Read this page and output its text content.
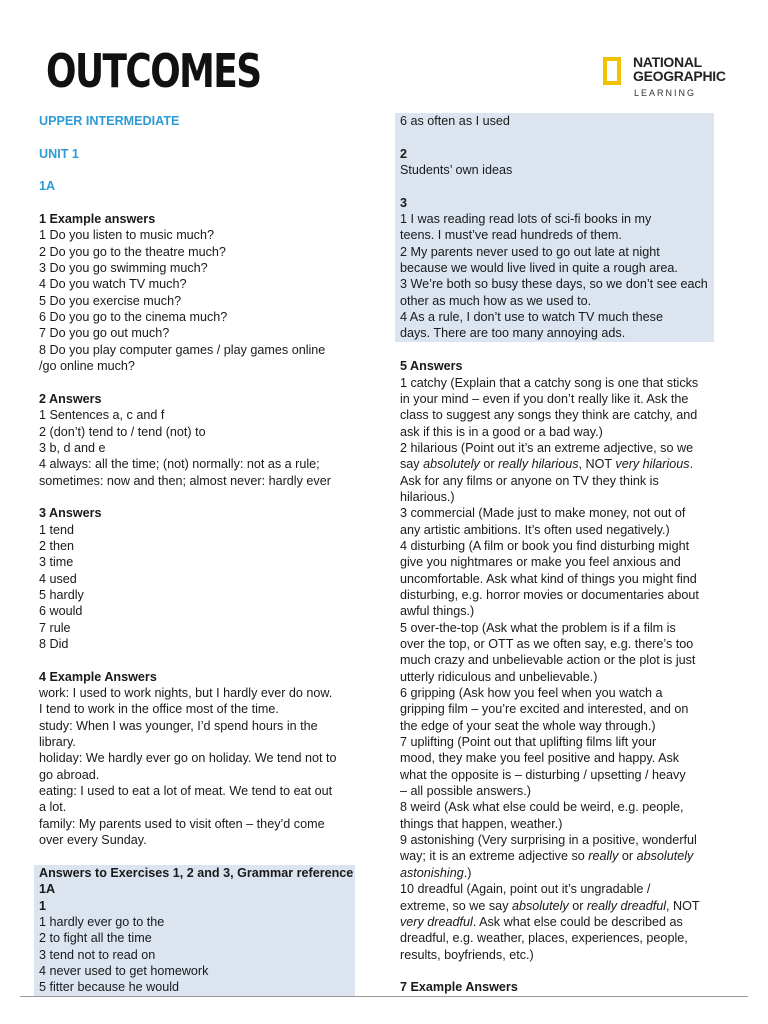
OUTCOMES	NATIONAL
GEOGRAPHIC
LEARNING
UPPER INTERMEDIATE
UNIT 1
1A
1 Example answers
1 Do you listen to music much?
2 Do you go to the theatre much?
3 Do you go swimming much?
4 Do you watch TV much?
5 Do you exercise much?
6 Do you go to the cinema much?
7 Do you go out much?
8 Do you play computer games / play games online
/go online much?
2 Answers
1 Sentences a, c and f
2 (don’t) tend to / tend (not) to
3 b, d and e
4 always: all the time; (not) normally: not as a rule;
sometimes: now and then; almost never: hardly ever
3 Answers
1 tend
2 then
3 time
4 used
5 hardly
6 would
7 rule
8 Did
4 Example Answers
work: I used to work nights, but I hardly ever do now.
I tend to work in the office most of the time.
study: When I was younger, I’d spend hours in the
library.
holiday: We hardly ever go on holiday. We tend not to
go abroad.
eating: I used to eat a lot of meat. We tend to eat out
a lot.
family: My parents used to visit often – they’d come
over every Sunday.
Answers to Exercises 1, 2 and 3, Grammar reference
1A
1
1 hardly ever go to the
2 to fight all the time
3 tend not to read on
4 never used to get homework
5 fitter because he would
6 as often as I used
2
Students’ own ideas
3
1 I was reading read lots of sci-fi books in my
teens. I must’ve read hundreds of them.
2 My parents never used to go out late at night
because we would live lived in quite a rough area.
3 We’re both so busy these days, so we don’t see each
other as much how as we used to.
4 As a rule, I don’t use to watch TV much these
days. There are too many annoying ads.
5 Answers
1 catchy (Explain that a catchy song is one that sticks
in your mind – even if you don’t really like it. Ask the
class to suggest any songs they think are catchy, and
ask if this is in a good or a bad way.)
2 hilarious (Point out it’s an extreme adjective, so we
say absolutely or really hilarious, NOT very hilarious.
Ask for any films or anyone on TV they think is
hilarious.)
3 commercial (Made just to make money, not out of
any artistic ambitions. It’s often used negatively.)
4 disturbing (A film or book you find disturbing might
give you nightmares or make you feel anxious and
uncomfortable. Ask what kind of things you might find
disturbing, e.g. horror movies or documentaries about
awful things.)
5 over-the-top (Ask what the problem is if a film is
over the top, or OTT as we often say, e.g. there’s too
much crazy and unbelievable action or the plot is just
utterly ridiculous and unbelievable.)
6 gripping (Ask how you feel when you watch a
gripping film – you’re excited and interested, and on
the edge of your seat the whole way through.)
7 uplifting (Point out that uplifting films lift your
mood, they make you feel positive and happy. Ask
what the opposite is – disturbing / upsetting / heavy
– all possible answers.)
8 weird (Ask what else could be weird, e.g. people,
things that happen, weather.)
9 astonishing (Very surprising in a positive, wonderful
way; it is an extreme adjective so really or absolutely
astonishing.)
10 dreadful (Again, point out it’s ungradable /
extreme, so we say absolutely or really dreadful, NOT
very dreadful. Ask what else could be described as
dreadful, e.g. weather, places, experiences, people,
results, boyfriends, etc.)
7 Example Answers
